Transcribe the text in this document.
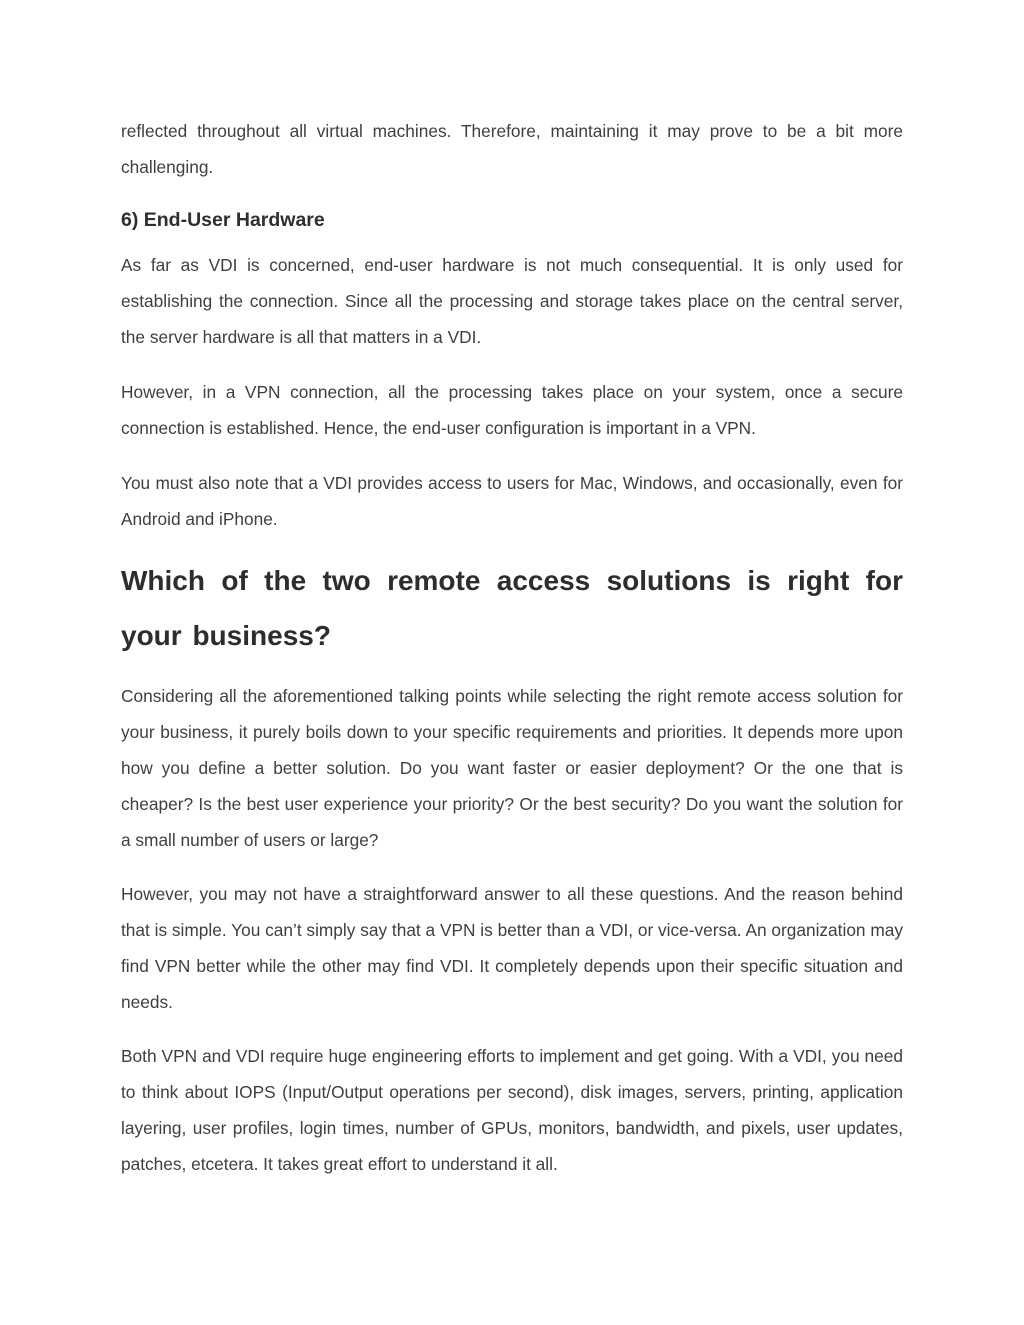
reflected throughout all virtual machines. Therefore, maintaining it may prove to be a bit more challenging.

6) End-User Hardware

As far as VDI is concerned, end-user hardware is not much consequential. It is only used for establishing the connection. Since all the processing and storage takes place on the central server, the server hardware is all that matters in a VDI.

However, in a VPN connection, all the processing takes place on your system, once a secure connection is established. Hence, the end-user configuration is important in a VPN.

You must also note that a VDI provides access to users for Mac, Windows, and occasionally, even for Android and iPhone.

Which of the two remote access solutions is right for your business?

Considering all the aforementioned talking points while selecting the right remote access solution for your business, it purely boils down to your specific requirements and priorities. It depends more upon how you define a better solution. Do you want faster or easier deployment? Or the one that is cheaper? Is the best user experience your priority? Or the best security? Do you want the solution for a small number of users or large?

However, you may not have a straightforward answer to all these questions. And the reason behind that is simple. You can’t simply say that a VPN is better than a VDI, or vice-versa. An organization may find VPN better while the other may find VDI. It completely depends upon their specific situation and needs.

Both VPN and VDI require huge engineering efforts to implement and get going. With a VDI, you need to think about IOPS (Input/Output operations per second), disk images, servers, printing, application layering, user profiles, login times, number of GPUs, monitors, bandwidth, and pixels, user updates, patches, etcetera. It takes great effort to understand it all.
